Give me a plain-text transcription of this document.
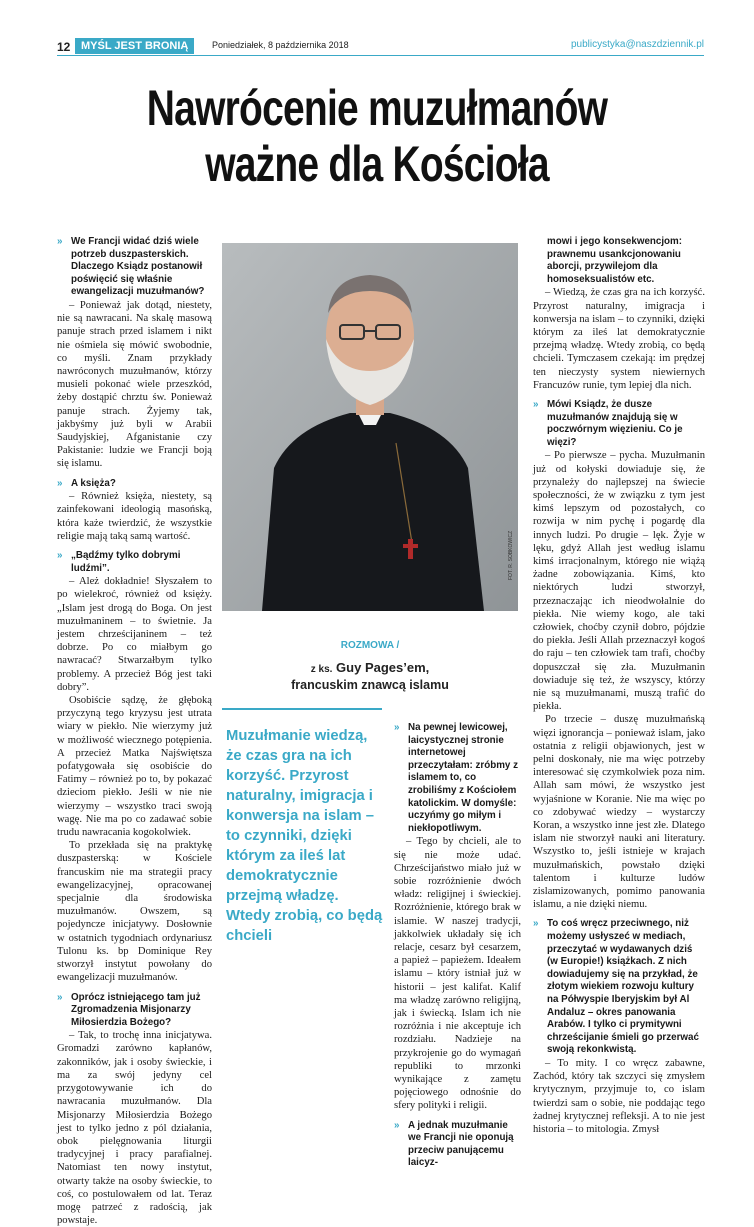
12 MYŚL JEST BRONIĄ	Poniedziałek, 8 października 2018	publicystyka@naszdziennik.pl
Nawrócenie muzułmanów
ważne dla Kościoła
» We Francji widać dziś wiele potrzeb duszpasterskich. Dlaczego Ksiądz postanowił poświęcić się właśnie ewangelizacji muzułmanów?

– Ponieważ jak dotąd, niestety, nie są nawracani. Na skalę masową panuje strach przed islamem i nikt nie ośmiela się mówić swobodnie, co myśli. Znam przykłady nawróconych muzułmanów, którzy musieli pokonać wiele przeszkód, żeby dostąpić chrztu św. Ponieważ panuje strach. Żyjemy tak, jakbyśmy już byli w Arabii Saudyjskiej, Afganistanie czy Pakistanie: ludzie we Francji boją się islamu.

» A księża?

– Również księża, niestety, są zainfekowani ideologią masońską, która każe twierdzić, że wszystkie religie mają taką samą wartość.

» „Bądźmy tylko dobrymi ludźmi”.

– Ależ dokładnie! Słyszałem to po wielekroć, również od księży. „Islam jest drogą do Boga. On jest muzułmaninem – to świetnie. Ja jestem chrześcijaninem – też dobrze. Po co miałbym go nawracać? Stwarzałbym tylko problemy. A przecież Bóg jest taki dobry”.

Osobiście sądzę, że głęboką przyczyną tego kryzysu jest utrata wiary w piekło. Nie wierzymy już w możliwość wiecznego potępienia. A przecież Matka Najświętsza pofatygowała się osobiście do Fatimy – również po to, by pokazać dzieciom piekło. Jeśli w nie nie wierzymy – wszystko traci swoją wagę. Nie ma po co zadawać sobie trudu nawracania kogokolwiek.

To przekłada się na praktykę duszpasterską: w Kościele francuskim nie ma strategii pracy ewangelizacyjnej, opracowanej specjalnie dla środowiska muzułmanów. Owszem, są pojedyncze inicjatywy. Dosłownie w ostatnich tygodniach ordynariusz Tulonu ks. bp Dominique Rey stworzył instytut powołany do ewangelizacji muzułmanów.

» Oprócz istniejącego tam już Zgromadzenia Misjonarzy Miłosierdzia Bożego?

– Tak, to trochę inna inicjatywa. Gromadzi zarówno kapłanów, zakonników, jak i osoby świeckie, i ma za swój jedyny cel przygotowywanie ich do nawracania muzułmanów. Dla Misjonarzy Miłosierdzia Bożego jest to tylko jedno z pól działania, obok pielęgnowania liturgii tradycyjnej i pracy parafialnej. Natomiast ten nowy instytut, otwarty także na osoby świeckie, to coś, co postulowałem od lat. Teraz mogę patrzeć z radością, jak powstaje.

FOT. R. SOBKOWICZ
ROZMOWA /
z ks. Guy Pages’em,
francuskim znawcą islamu
Muzułmanie wiedzą, że czas gra na ich korzyść. Przyrost naturalny, imigracja i konwersja na islam – to czynniki, dzięki którym za ileś lat demokratycznie przejmą władzę. Wtedy zrobią, co będą chcieli
» Na pewnej lewicowej, laicystycznej stronie internetowej przeczytałam: zróbmy z islamem to, co zrobiliśmy z Kościołem katolickim. W domyśle: uczyńmy go miłym i niekłopotliwym.

– Tego by chcieli, ale to się nie może udać. Chrześcijaństwo miało już w sobie rozróżnienie dwóch władz: religijnej i świeckiej. Rozróżnienie, którego brak w islamie. W naszej tradycji, jakkolwiek układały się ich relacje, cesarz był cesarzem, a papież – papieżem. Ideałem islamu – który istniał już w historii – jest kalifat. Kalif ma władzę zarówno religijną, jak i świecką. Islam ich nie rozróżnia i nie akceptuje ich rozdziału. Nadzieje na przykrojenie go do wymagań republiki to mrzonki wynikające z zamętu pojęciowego odnośnie do sfery polityki i religii.

» A jednak muzułmanie we Francji nie oponują przeciw panującemu laicyz-
mowi i jego konsekwencjom: prawnemu usankcjonowaniu aborcji, przywilejom dla homoseksualistów etc.

– Wiedzą, że czas gra na ich korzyść. Przyrost naturalny, imigracja i konwersja na islam – to czynniki, dzięki którym za ileś lat demokratycznie przejmą władzę. Wtedy zrobią, co będą chcieli. Tymczasem czekają: im prędzej ten nieczysty system niewiernych Francuzów runie, tym lepiej dla nich.

» Mówi Ksiądz, że dusze muzułmanów znajdują się w poczwórnym więzieniu. Co je więzi?

– Po pierwsze – pycha. Muzułmanin już od kołyski dowiaduje się, że przynależy do najlepszej na świecie społeczności, że w związku z tym jest kimś lepszym od pozostałych, co rozwija w nim pychę i pogardę dla innych ludzi. Po drugie – lęk. Żyje w lęku, gdyż Allah jest według islamu kimś irracjonalnym, którego nie wiążą żadne zobowiązania. Kimś, kto niektórych ludzi stworzył, przeznaczając ich nieodwołalnie do piekła. Nie wiemy kogo, ale taki człowiek, choćby czynił dobro, pójdzie do piekła. Jeśli Allah przeznaczył kogoś do raju – ten człowiek tam trafi, choćby dopuszczał się zła. Muzułmanin dowiaduje się też, że wszyscy, którzy nie są muzułmanami, muszą trafić do piekła.

Po trzecie – duszę muzułmańską więzi ignorancja – ponieważ islam, jako ostatnia z religii objawionych, jest w pelni doskonały, nie ma więc potrzeby interesować się czymkolwiek poza nim. Allah sam mówi, że wszystko jest wyjaśnione w Koranie. Nie ma więc po co zdobywać wiedzy – wystarczy Koran, a wszystko inne jest złe. Dlatego islam nie stworzył nauki ani literatury. Wszystko to, jeśli istnieje w krajach muzułmańskich, powstało dzięki talentom i kulturze ludów zislamizowanych, pomimo panowania islamu, a nie dzięki niemu.

» To coś wręcz przeciwnego, niż możemy usłyszeć w mediach, przeczytać w wydawanych dziś (w Europie!) książkach. Z nich dowiadujemy się na przykład, że złotym wiekiem rozwoju kultury na Półwyspie Iberyjskim był Al Andaluz – okres panowania Arabów. I tylko ci prymitywni chrześcijanie śmieli go przerwać swoją rekonkwistą.

– To mity. I co wręcz zabawne, Zachód, który tak szczyci się zmysłem krytycznym, przyjmuje to, co islam twierdzi sam o sobie, nie poddając tego żadnej krytycznej refleksji. A to nie jest historia – to mitologia. Zmysł
